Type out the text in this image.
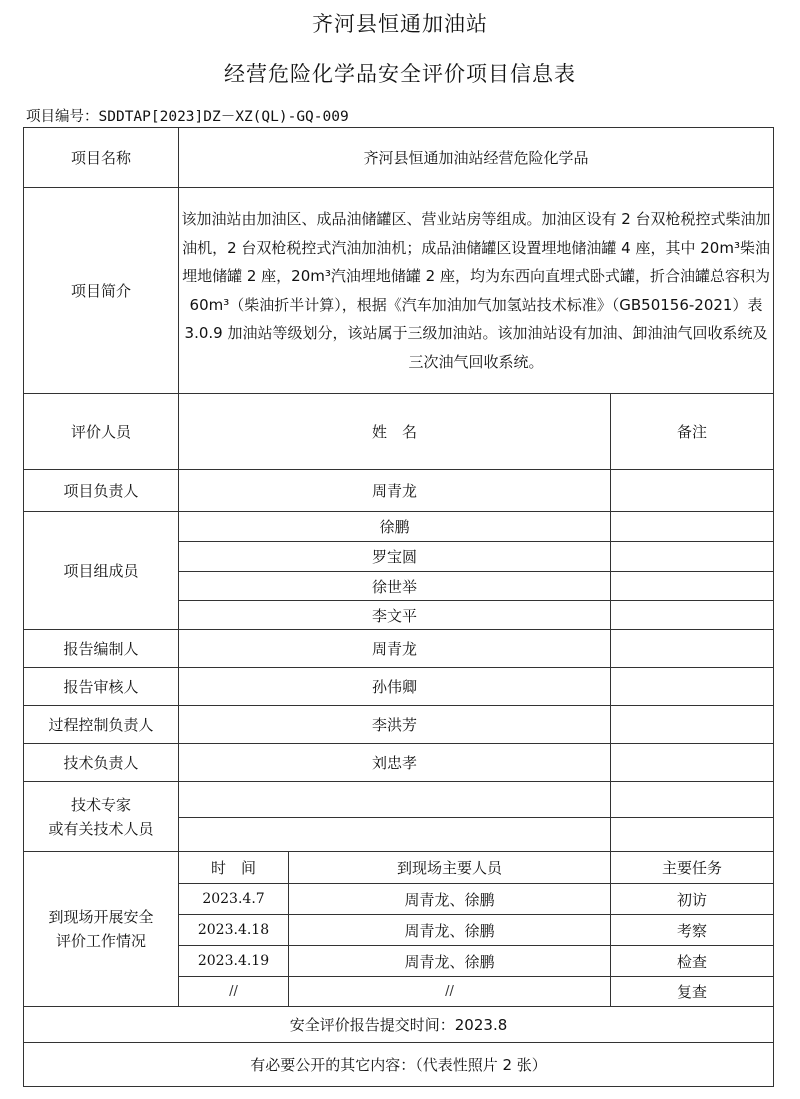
齐河县恒通加油站
经营危险化学品安全评价项目信息表
项目编号：SDDTAP[2023]DZ－XZ(QL)-GQ-009
项目名称	齐河县恒通加油站经营危险化学品		
项目简介	该加油站由加油区、成品油储罐区、营业站房等组成。加油区设有 2 台双枪税控式柴油加油机，2 台双枪税控式汽油加油机；成品油储罐区设置埋地储油罐 4 座，其中 20m³柴油埋地储罐 2 座，20m³汽油埋地储罐 2 座，均为东西向直埋式卧式罐，折合油罐总容积为 60m³（柴油折半计算），根据《汽车加油加气加氢站技术标准》（GB50156-2021）表 3.0.9 加油站等级划分，该站属于三级加油站。该加油站设有加油、卸油油气回收系统及三次油气回收系统。		
评价人员	姓　名		备注
项目负责人	周青龙		
项目组成员	徐鹏		
	罗宝圆		
	徐世举		
	李文平		
报告编制人	周青龙		
报告审核人	孙伟卿		
过程控制负责人	李洪芳		
技术负责人	刘忠孝		
技术专家
或有关技术人员			

到现场开展安全
评价工作情况	时　间	到现场主要人员	主要任务
	2023.4.7	周青龙、徐鹏	初访
	2023.4.18	周青龙、徐鹏	考察
	2023.4.19	周青龙、徐鹏	检查
	//	//	复查
安全评价报告提交时间：2023.8			
有必要公开的其它内容：（代表性照片 2 张）			
